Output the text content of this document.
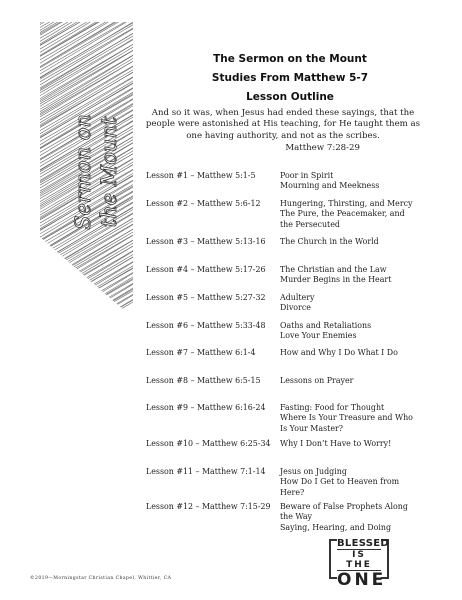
Sermon on the Mount
The Sermon on the Mount
Studies From Matthew 5-7
Lesson Outline
And so it was, when Jesus had ended these sayings, that the people were astonished at His teaching, for He taught them as one having authority, and not as the scribes.
Matthew 7:28-29
Lesson #1 – Matthew 5:1-5	Poor in Spirit
Mourning and Meekness
Lesson #2 – Matthew 5:6-12	Hungering, Thirsting, and Mercy
The Pure, the Peacemaker, and the Persecuted
Lesson #3 – Matthew 5:13-16	The Church in the World
Lesson #4 – Matthew 5:17-26	The Christian and the Law
Murder Begins in the Heart
Lesson #5 – Matthew 5:27-32	Adultery
Divorce
Lesson #6 – Matthew 5:33-48	Oaths and Retaliations
Love Your Enemies
Lesson #7 – Matthew 6:1-4	How and Why I Do What I Do
Lesson #8 – Matthew 6:5-15	Lessons on Prayer
Lesson #9 – Matthew 6:16-24	Fasting: Food for Thought
Where Is Your Treasure and Who Is Your Master?
Lesson #10 – Matthew 6:25-34	Why I Don’t Have to Worry!
Lesson #11 – Matthew 7:1-14	Jesus on Judging
How Do I Get to Heaven from Here?
Lesson #12 – Matthew 7:15-29	Beware of False Prophets Along the Way
Saying, Hearing, and Doing
BLESSED
IS THE
ONE
©2019—Morningstar Christian Chapel, Whittier, CA
